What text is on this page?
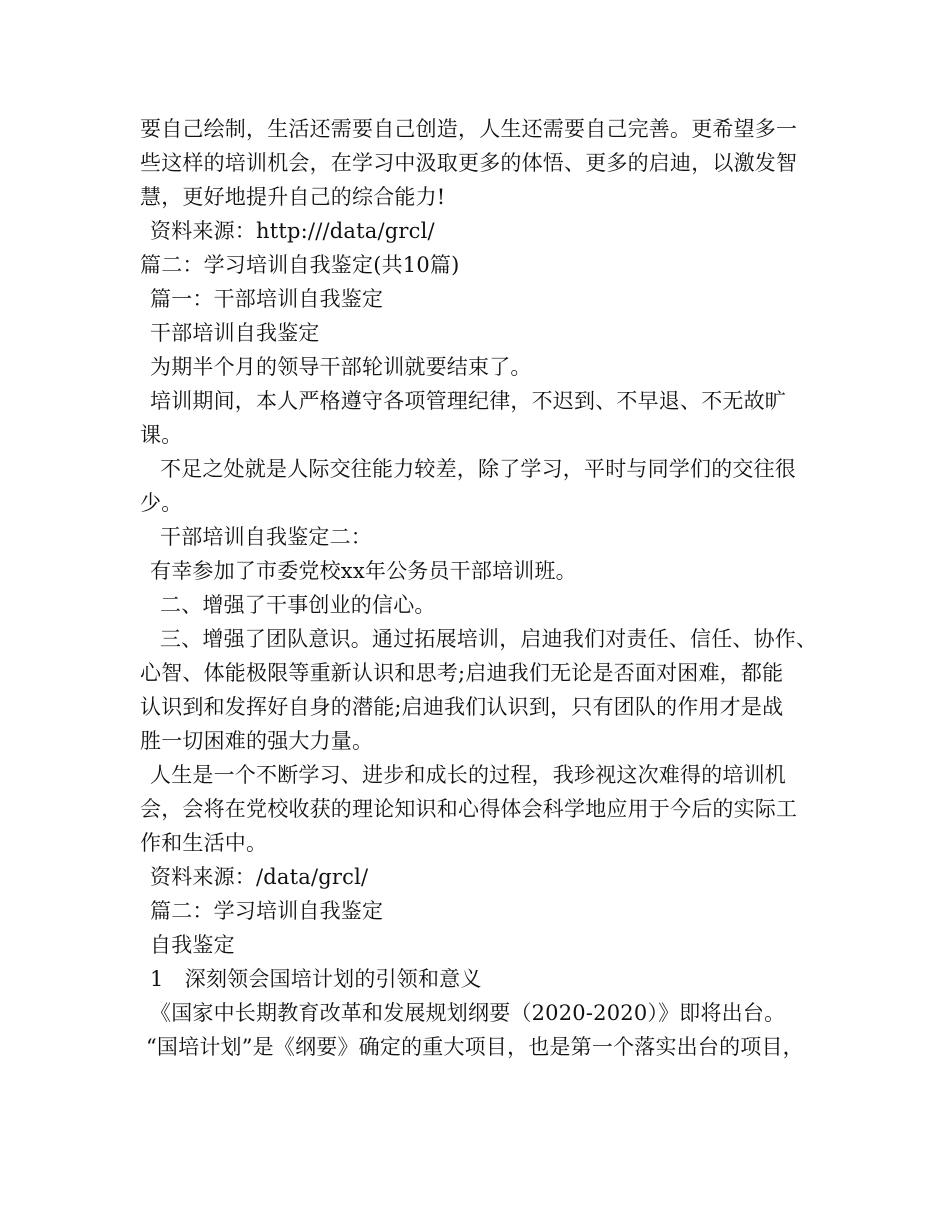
要自己绘制，生活还需要自己创造，人生还需要自己完善。更希望多一
些这样的培训机会，在学习中汲取更多的体悟、更多的启迪，以激发智
慧，更好地提升自己的综合能力!
资料来源：http:///data/grcl/
篇二：学习培训自我鉴定(共10篇)
篇一：干部培训自我鉴定
干部培训自我鉴定
为期半个月的领导干部轮训就要结束了。
培训期间，本人严格遵守各项管理纪律，不迟到、不早退、不无故旷
课。
不足之处就是人际交往能力较差，除了学习，平时与同学们的交往很
少。
干部培训自我鉴定二：
有幸参加了市委党校xx年公务员干部培训班。
二、增强了干事创业的信心。
三、增强了团队意识。通过拓展培训，启迪我们对责任、信任、协作、
心智、体能极限等重新认识和思考;启迪我们无论是否面对困难，都能
认识到和发挥好自身的潜能;启迪我们认识到，只有团队的作用才是战
胜一切困难的强大力量。
人生是一个不断学习、进步和成长的过程，我珍视这次难得的培训机
会，会将在党校收获的理论知识和心得体会科学地应用于今后的实际工
作和生活中。
资料来源：/data/grcl/
篇二：学习培训自我鉴定
自我鉴定
1　深刻领会国培计划的引领和意义
《国家中长期教育改革和发展规划纲要（2020-2020）》即将出台。
“国培计划”是《纲要》确定的重大项目，也是第一个落实出台的项目，
